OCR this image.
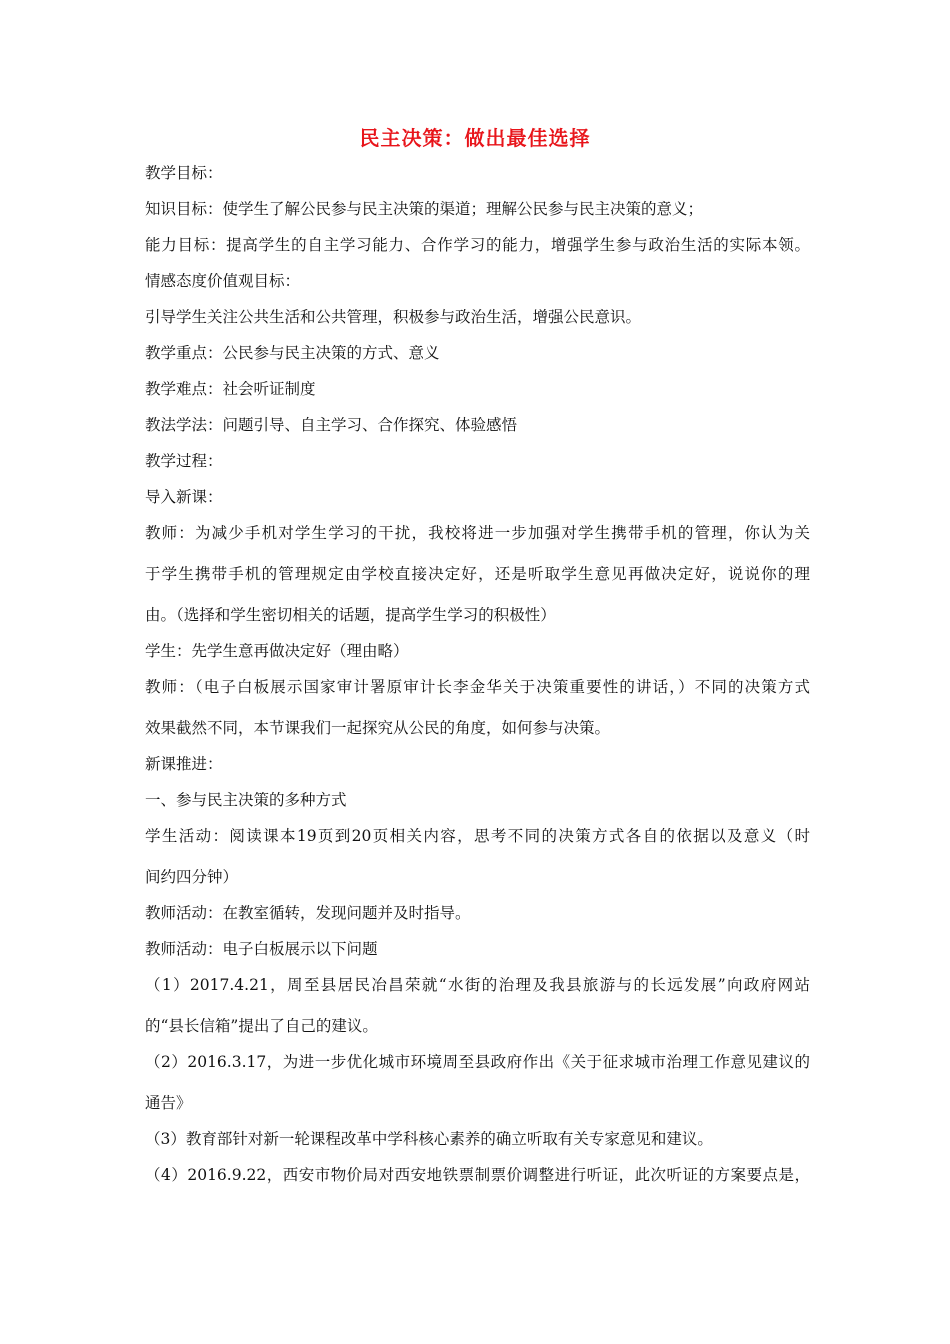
民主决策：做出最佳选择
教学目标：
知识目标：使学生了解公民参与民主决策的渠道；理解公民参与民主决策的意义；
能力目标：提高学生的自主学习能力、合作学习的能力，增强学生参与政治生活的实际本领。
情感态度价值观目标：
引导学生关注公共生活和公共管理，积极参与政治生活，增强公民意识。
教学重点：公民参与民主决策的方式、意义
教学难点：社会听证制度
教法学法：问题引导、自主学习、合作探究、体验感悟
教学过程：
导入新课：
教师：为减少手机对学生学习的干扰，我校将进一步加强对学生携带手机的管理，你认为关
于学生携带手机的管理规定由学校直接决定好，还是听取学生意见再做决定好，说说你的理
由。（选择和学生密切相关的话题，提高学生学习的积极性）
学生：先学生意再做决定好（理由略）
教师：（电子白板展示国家审计署原审计长李金华关于决策重要性的讲话，）不同的决策方式
效果截然不同，本节课我们一起探究从公民的角度，如何参与决策。
新课推进：
一、参与民主决策的多种方式
学生活动：阅读课本19页到20页相关内容，思考不同的决策方式各自的依据以及意义（时
间约四分钟）
教师活动：在教室循转，发现问题并及时指导。
教师活动：电子白板展示以下问题
（1）2017.4.21，周至县居民冶昌荣就“水街的治理及我县旅游与的长远发展”向政府网站
的“县长信箱”提出了自己的建议。
（2）2016.3.17，为进一步优化城市环境周至县政府作出《关于征求城市治理工作意见建议的
通告》
（3）教育部针对新一轮课程改革中学科核心素养的确立听取有关专家意见和建议。
（4）2016.9.22，西安市物价局对西安地铁票制票价调整进行听证，此次听证的方案要点是，
